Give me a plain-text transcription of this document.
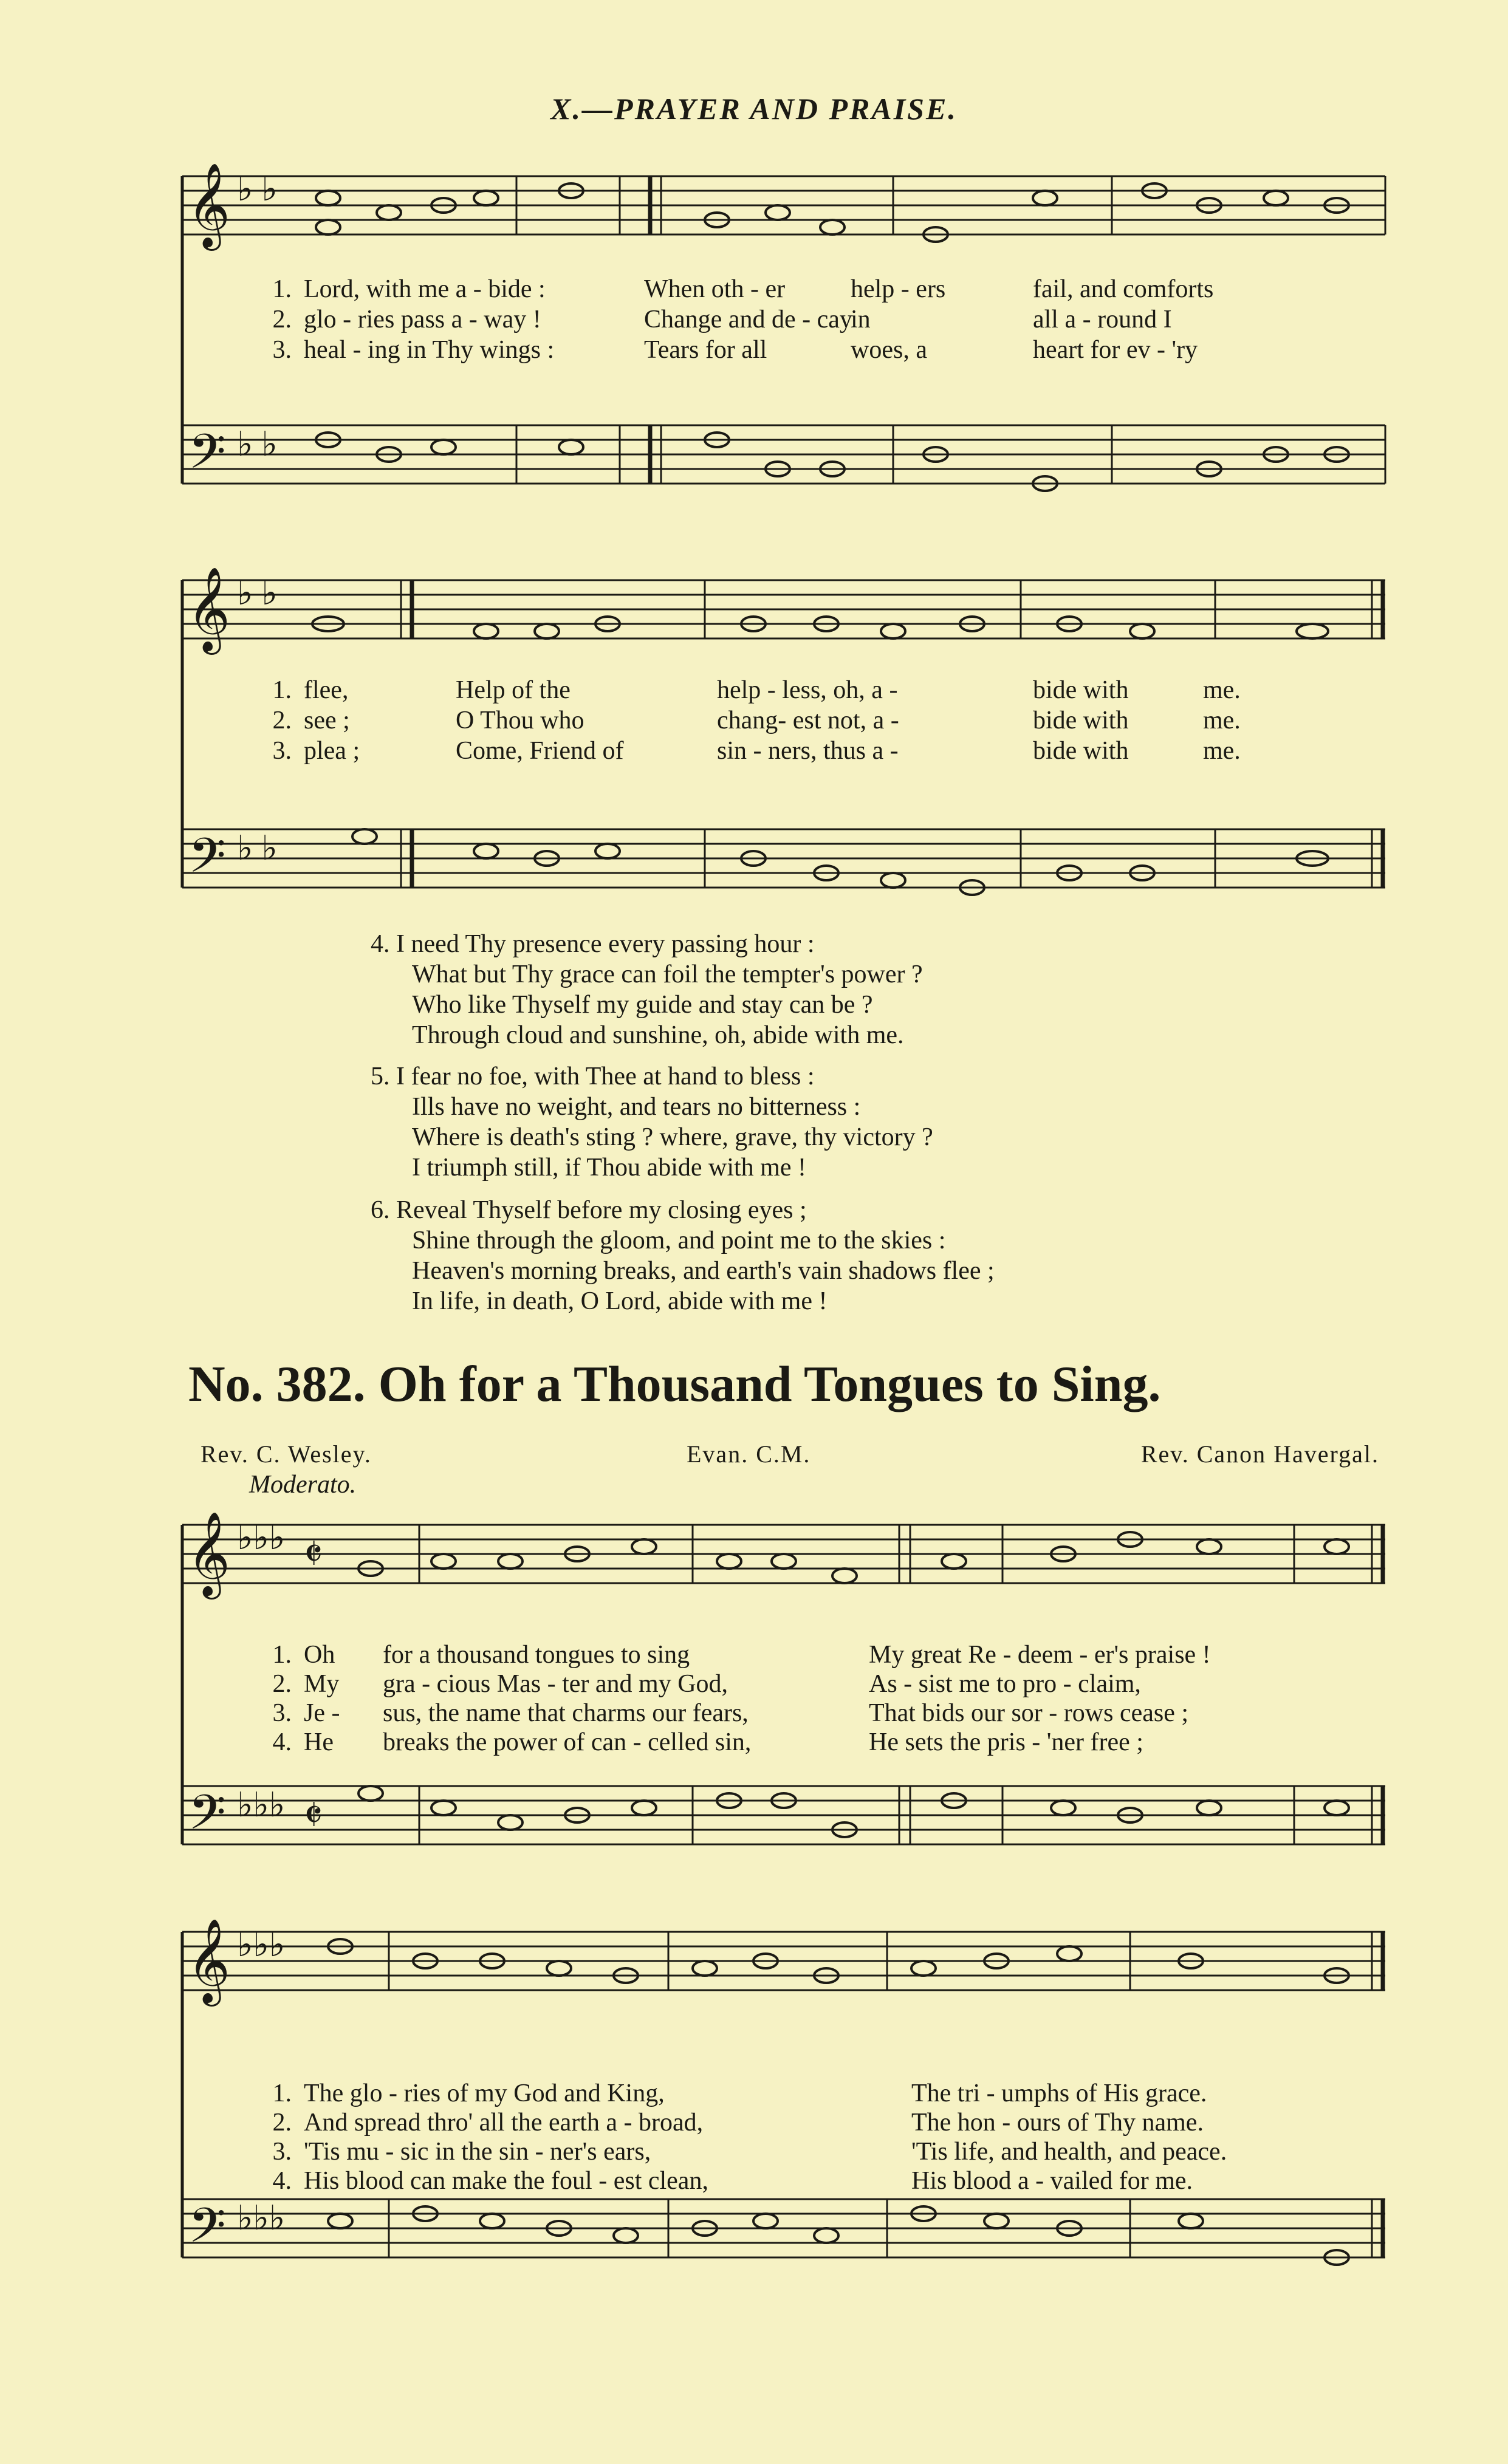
X.—PRAYER AND PRAISE.
𝄞
𝄢
♭ ♭
♭ ♭
1. Lord, with me a - bide :	When oth - er	help - ers	fail, and comforts
2. glo - ries pass a - way !	Change and de - cayin	all a - round I
3. heal - ing in Thy wings :	Tears for all	woes, a	heart for ev - 'ry
𝄞
𝄢
♭ ♭
♭ ♭
1. flee,	Help of the	help - less, oh, a -	bide with	me.
2. see ;	O Thou who	chang- est not, a -	bide with	me.
3. plea ;	Come, Friend of	sin - ners, thus a -	bide with	me.
4. I need Thy presence every passing hour :
What but Thy grace can foil the tempter's power ?
Who like Thyself my guide and stay can be ?
Through cloud and sunshine, oh, abide with me.
5. I fear no foe, with Thee at hand to bless :
Ills have no weight, and tears no bitterness :
Where is death's sting ? where, grave, thy victory ?
I triumph still, if Thou abide with me !
6. Reveal Thyself before my closing eyes ;
Shine through the gloom, and point me to the skies :
Heaven's morning breaks, and earth's vain shadows flee ;
In life, in death, O Lord, abide with me !
No. 382. Oh for a Thousand Tongues to Sing.
Rev. C. Wesley.	Evan. C.M.	Rev. Canon Havergal.
Moderato.
𝄞
𝄢
♭♭♭
♭♭♭
𝄵
𝄵
1. Oh for a thousand tongues to sing	My great Re - deem - er's praise !
2. My gra - cious Mas - ter and my God,	As - sist me to pro - claim,
3. Je - sus, the name that charms our fears,	That bids our sor - rows cease ;
4. He breaks the power of can - celled sin,	He sets the pris - 'ner free ;
𝄞
𝄢
♭♭♭
♭♭♭
1. The glo - ries of my God and King,	The tri - umphs of His grace.
2. And spread thro' all the earth a - broad,	The hon - ours of Thy name.
3. 'Tis mu - sic in the sin - ner's ears,	'Tis life, and health, and peace.
4. His blood can make the foul - est clean,	His blood a - vailed for me.
